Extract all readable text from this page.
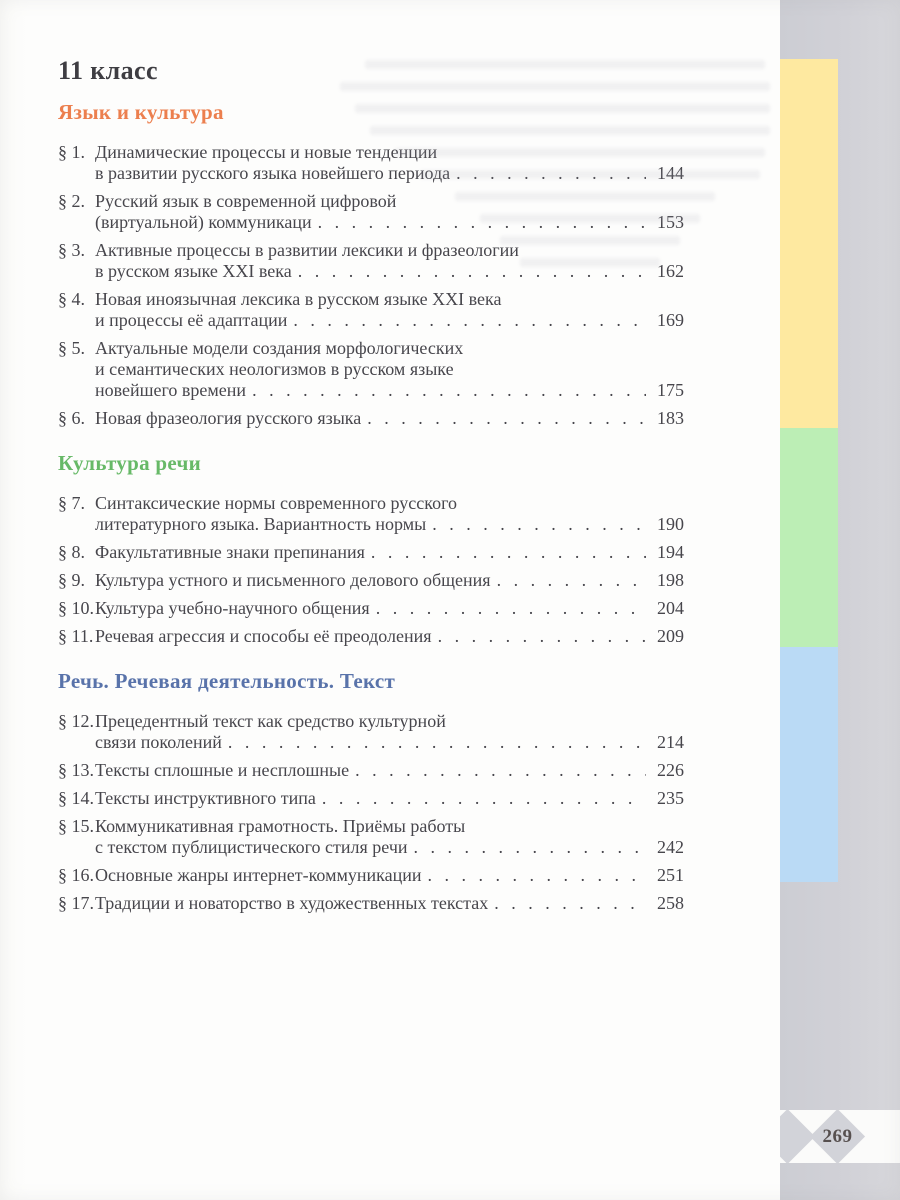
11 класс
Язык и культура
§ 1. Динамические процессы и новые тенденции
в развитии русского языка новейшего периода . . .	144
§ 2. Русский язык в современной цифровой
(виртуальной) коммуникаци . . .	153
§ 3. Активные процессы в развитии лексики и фразеологии
в русском языке XXI века . . .	162
§ 4. Новая иноязычная лексика в русском языке XXI века
и процессы её адаптации . . .	169
§ 5. Актуальные модели создания морфологических
и семантических неологизмов в русском языке
новейшего времени . . .	175
§ 6. Новая фразеология русского языка . . .	183
Культура речи
§ 7. Синтаксические нормы современного русского
литературного языка. Вариантность нормы . . .	190
§ 8. Факультативные знаки препинания . . .	194
§ 9. Культура устного и письменного делового общения . . .	198
§ 10. Культура учебно-научного общения . . .	204
§ 11. Речевая агрессия и способы её преодоления . . .	209
Речь. Речевая деятельность. Текст
§ 12. Прецедентный текст как средство культурной
связи поколений . . .	214
§ 13. Тексты сплошные и несплошные . . .	226
§ 14. Тексты инструктивного типа . . .	235
§ 15. Коммуникативная грамотность. Приёмы работы
с текстом публицистического стиля речи . . .	242
§ 16. Основные жанры интернет-коммуникации . . .	251
§ 17. Традиции и новаторство в художественных текстах . . .	258
269
